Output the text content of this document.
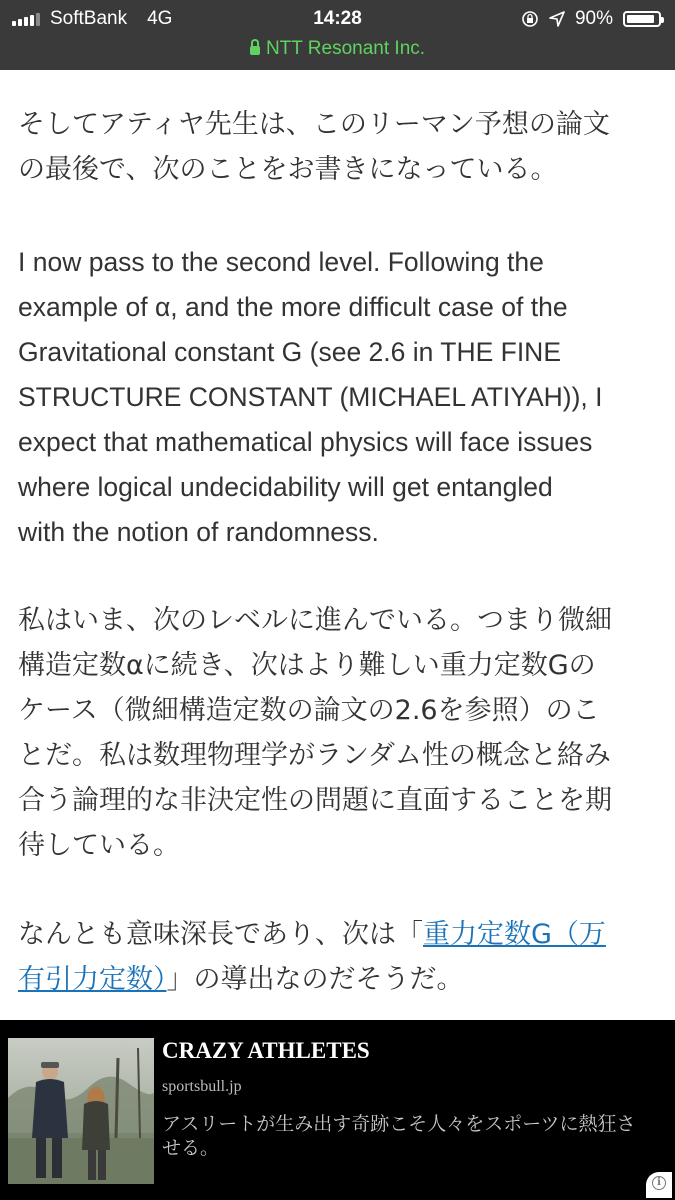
SoftBank 4G	14:28	90%
NTT Resonant Inc.
そしてアティヤ先生は、このリーマン予想の論文
の最後で、次のことをお書きになっている。
I now pass to the second level. Following the
example of α, and the more difficult case of the
Gravitational constant G (see 2.6 in THE FINE
STRUCTURE CONSTANT (MICHAEL ATIYAH)), I
expect that mathematical physics will face issues
where logical undecidability will get entangled
with the notion of randomness.
私はいま、次のレベルに進んでいる。つまり微細
構造定数αに続き、次はより難しい重力定数Gの
ケース（微細構造定数の論文の2.6を参照）のこ
とだ。私は数理物理学がランダム性の概念と絡み
合う論理的な非決定性の問題に直面することを期
待している。
なんとも意味深長であり、次は「重力定数G（万
有引力定数）」の導出なのだそうだ。
CRAZY ATHLETES
sportsbull.jp
アスリートが生み出す奇跡こそ人々をスポーツに熱狂させる。
i
